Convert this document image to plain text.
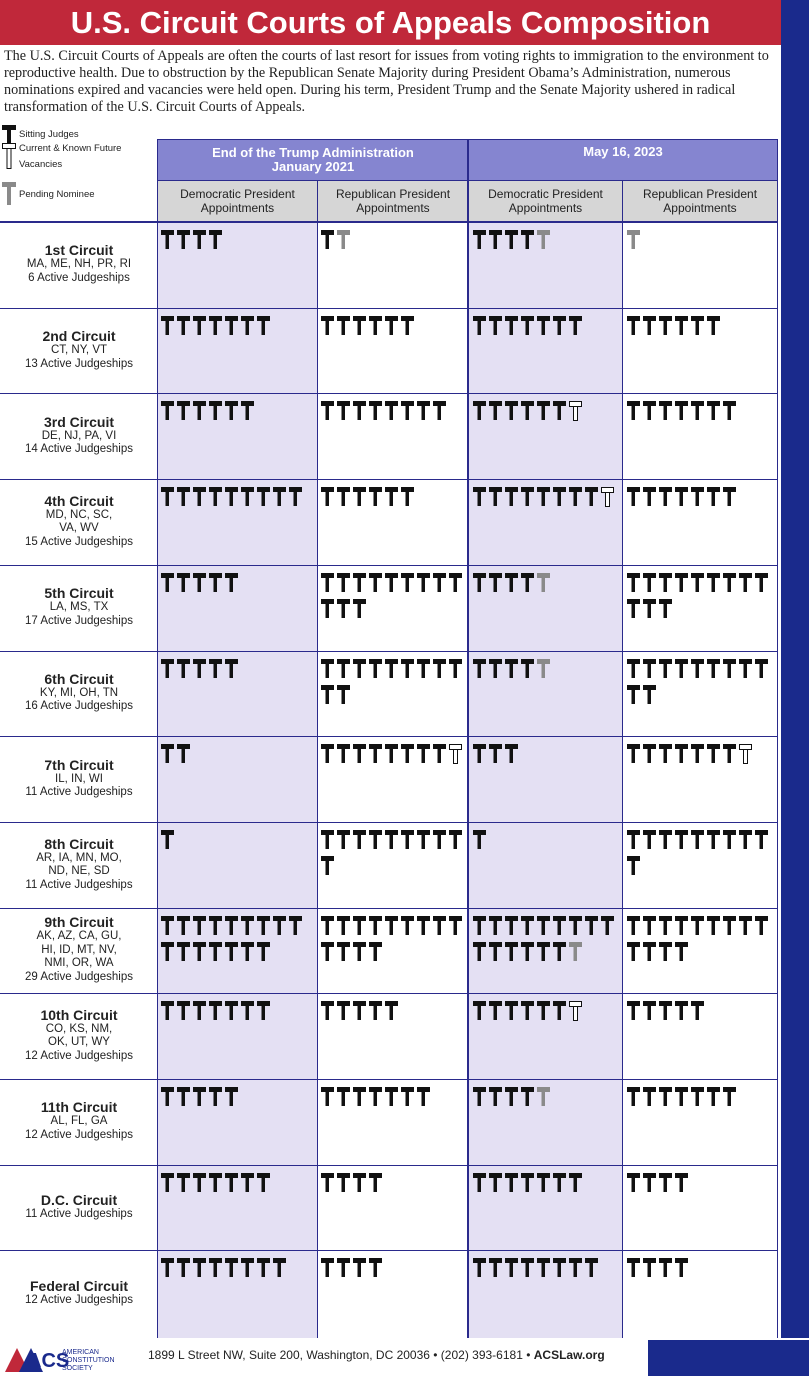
U.S. Circuit Courts of Appeals Composition
The U.S. Circuit Courts of Appeals are often the courts of last resort for issues from voting rights to immigration to the environment to reproductive health. Due to obstruction by the Republican Senate Majority during President Obama’s Administration, numerous nominations expired and vacancies were held open. During his term, President Trump and the Senate Majority ushered in radical transformation of the U.S. Circuit Courts of Appeals.
Sitting Judges
Current & Known Future
Vacancies
Pending Nominee
End of the Trump Administration
January 2021
May 16, 2023
Democratic President
Appointments
Republican President
Appointments
Democratic President
Appointments
Republican President
Appointments
1st Circuit
MA, ME, NH, PR, RI
6 Active Judgeships
2nd Circuit
CT, NY, VT
13 Active Judgeships
3rd Circuit
DE, NJ, PA, VI
14 Active Judgeships
4th Circuit
MD, NC, SC,
VA, WV
15 Active Judgeships
5th Circuit
LA, MS, TX
17 Active Judgeships
6th Circuit
KY, MI, OH, TN
16 Active Judgeships
7th Circuit
IL, IN, WI
11 Active Judgeships
8th Circuit
AR, IA, MN, MO,
ND, NE, SD
11 Active Judgeships
9th Circuit
AK, AZ, CA, GU,
HI, ID, MT, NV,
NMI, OR, WA
29 Active Judgeships
10th Circuit
CO, KS, NM,
OK, UT, WY
12 Active Judgeships
11th Circuit
AL, FL, GA
12 Active Judgeships
D.C. Circuit
11 Active Judgeships
Federal Circuit
12 Active Judgeships
ACS
AMERICAN
CONSTITUTION
SOCIETY
1899 L Street NW, Suite 200, Washington, DC 20036 • (202) 393-6181 • ACSLaw.org
